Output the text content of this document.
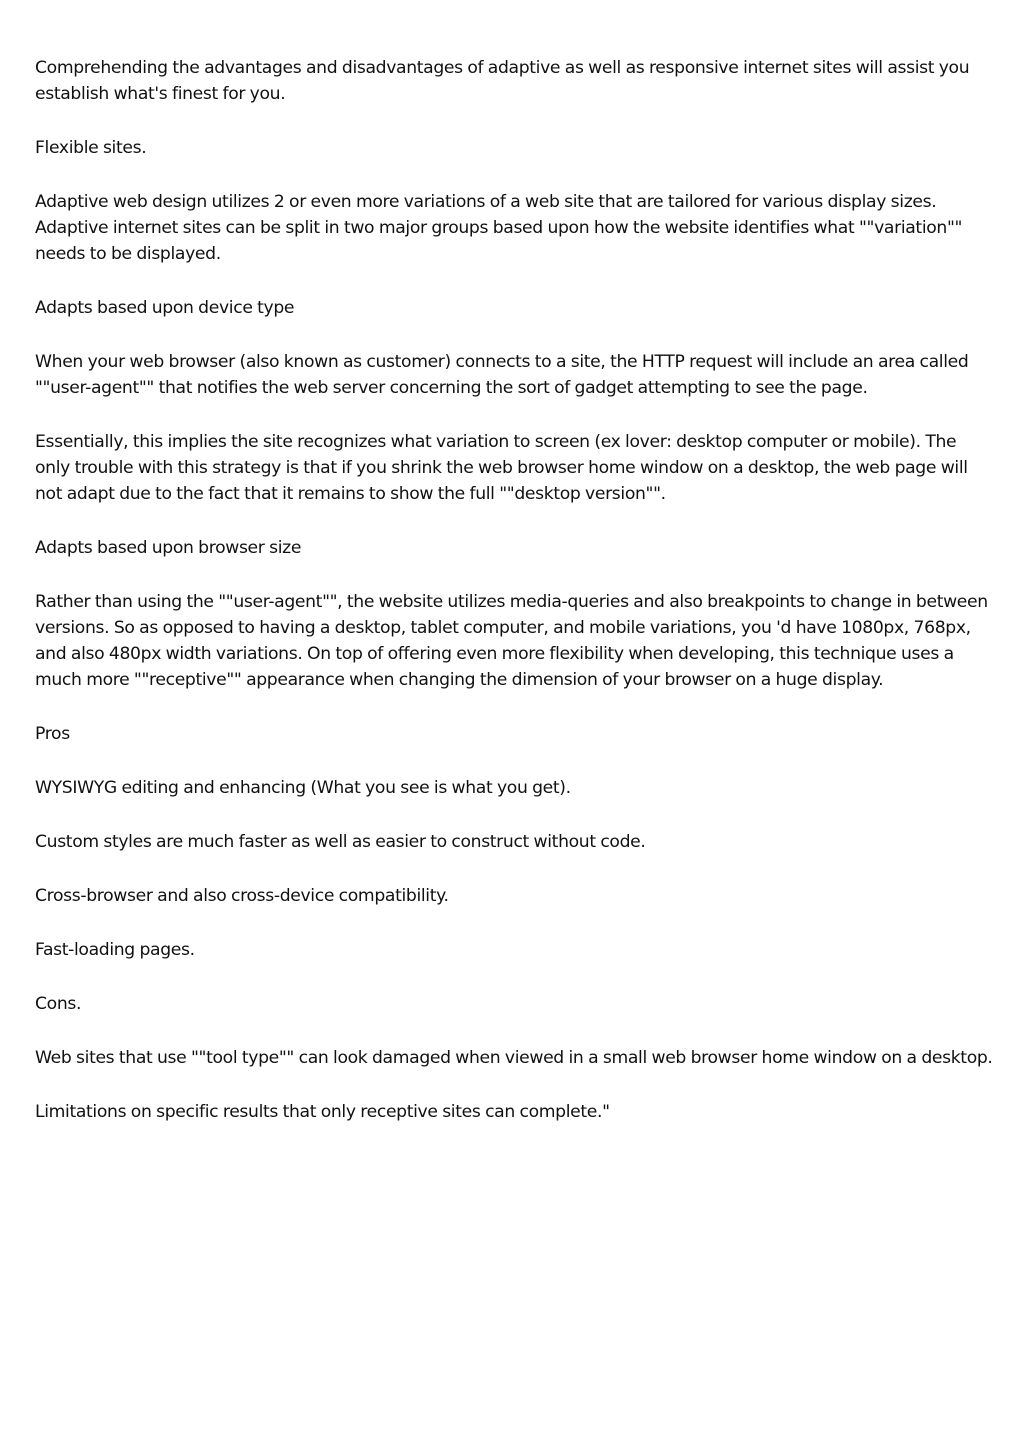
Comprehending the advantages and disadvantages of adaptive as well as responsive internet sites will assist you establish what's finest for you.

Flexible sites.

Adaptive web design utilizes 2 or even more variations of a web site that are tailored for various display sizes. Adaptive internet sites can be split in two major groups based upon how the website identifies what ""variation"" needs to be displayed.

Adapts based upon device type

When your web browser (also known as customer) connects to a site, the HTTP request will include an area called ""user-agent"" that notifies the web server concerning the sort of gadget attempting to see the page.

Essentially, this implies the site recognizes what variation to screen (ex lover: desktop computer or mobile). The only trouble with this strategy is that if you shrink the web browser home window on a desktop, the web page will not adapt due to the fact that it remains to show the full ""desktop version"".

Adapts based upon browser size

Rather than using the ""user-agent"", the website utilizes media-queries and also breakpoints to change in between versions. So as opposed to having a desktop, tablet computer, and mobile variations, you 'd have 1080px, 768px, and also 480px width variations. On top of offering even more flexibility when developing, this technique uses a much more ""receptive"" appearance when changing the dimension of your browser on a huge display.

Pros

WYSIWYG editing and enhancing (What you see is what you get).

Custom styles are much faster as well as easier to construct without code.

Cross-browser and also cross-device compatibility.

Fast-loading pages.

Cons.

Web sites that use ""tool type"" can look damaged when viewed in a small web browser home window on a desktop.

Limitations on specific results that only receptive sites can complete."
